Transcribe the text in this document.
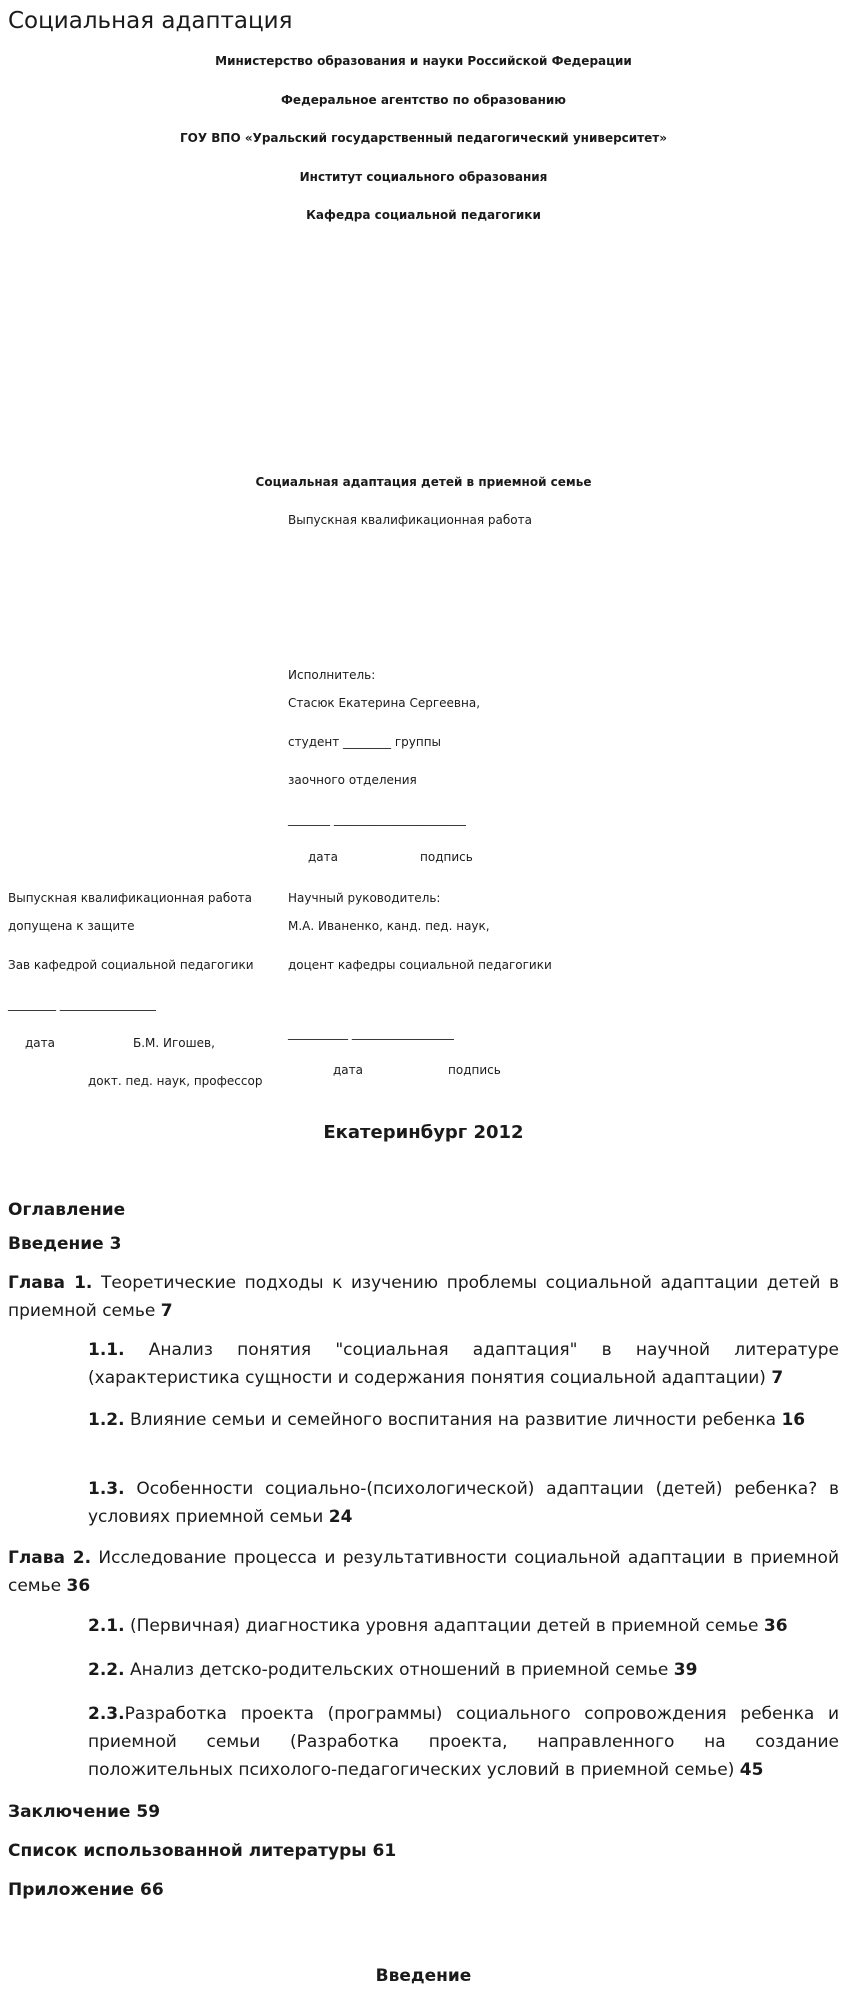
Социальная адаптация
Министерство образования и науки Российской Федерации
Федеральное агентство по образованию
ГОУ ВПО «Уральский государственный педагогический университет»
Институт социального образования
Кафедра социальной педагогики
Социальная адаптация детей в приемной семье
Выпускная квалификационная работа
Исполнитель:
Стасюк Екатерина Сергеевна,
студент ________ группы
заочного отделения
_______ ______________________
дата	подпись
Выпускная квалификационная работа
допущена к защите
Зав кафедрой социальной педагогики
________ ________________
дата	Б.М. Игошев,
докт. пед. наук, профессор
Научный руководитель:
М.А. Иваненко, канд. пед. наук,
доцент кафедры социальной педагогики
__________ _________________
дата	подпись
Екатеринбург 2012
Оглавление
Введение 3
Глава 1. Теоретические подходы к изучению проблемы социальной адаптации детей в приемной семье 7
1.1. Анализ понятия "социальная адаптация" в научной литературе (характеристика сущности и содержания понятия социальной адаптации) 7
1.2. Влияние семьи и семейного воспитания на развитие личности ребенка 16
1.3. Особенности социально-(психологической) адаптации (детей) ребенка? в условиях приемной семьи 24
Глава 2. Исследование процесса и результативности социальной адаптации в приемной семье 36
2.1. (Первичная) диагностика уровня адаптации детей в приемной семье 36
2.2. Анализ детско-родительских отношений в приемной семье 39
2.3.Разработка проекта (программы) социального сопровождения ребенка и приемной семьи (Разработка проекта, направленного на создание положительных психолого-педагогических условий в приемной семье) 45
Заключение 59
Список использованной литературы 61
Приложение 66
Введение
